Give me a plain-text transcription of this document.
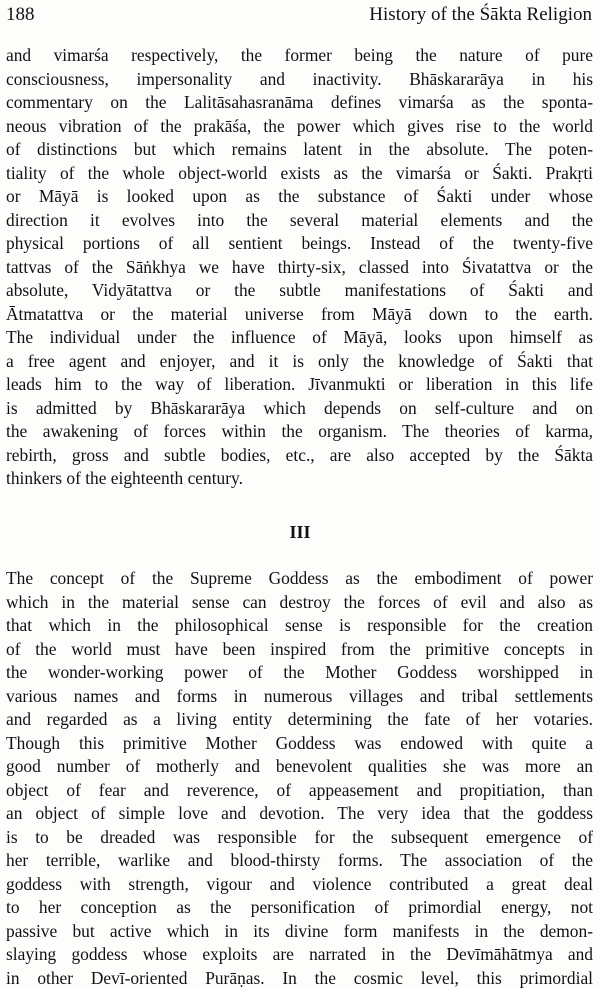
188	History of the Śākta Religion
and vimarśa respectively, the former being the nature of pure
consciousness, impersonality and inactivity. Bhāskararāya in his
commentary on the Lalitāsahasranāma defines vimarśa as the sponta-
neous vibration of the prakāśa, the power which gives rise to the world
of distinctions but which remains latent in the absolute. The poten-
tiality of the whole object-world exists as the vimarśa or Śakti. Prakṛti
or Māyā is looked upon as the substance of Śakti under whose
direction it evolves into the several material elements and the
physical portions of all sentient beings. Instead of the twenty-five
tattvas of the Sāṅkhya we have thirty-six, classed into Śivatattva or the
absolute, Vidyātattva or the subtle manifestations of Śakti and
Ātmatattva or the material universe from Māyā down to the earth.
The individual under the influence of Māyā, looks upon himself as
a free agent and enjoyer, and it is only the knowledge of Śakti that
leads him to the way of liberation. Jīvanmukti or liberation in this life
is admitted by Bhāskararāya which depends on self-culture and on
the awakening of forces within the organism. The theories of karma,
rebirth, gross and subtle bodies, etc., are also accepted by the Śākta
thinkers of the eighteenth century.
III
The concept of the Supreme Goddess as the embodiment of power
which in the material sense can destroy the forces of evil and also as
that which in the philosophical sense is responsible for the creation
of the world must have been inspired from the primitive concepts in
the wonder-working power of the Mother Goddess worshipped in
various names and forms in numerous villages and tribal settlements
and regarded as a living entity determining the fate of her votaries.
Though this primitive Mother Goddess was endowed with quite a
good number of motherly and benevolent qualities she was more an
object of fear and reverence, of appeasement and propitiation, than
an object of simple love and devotion. The very idea that the goddess
is to be dreaded was responsible for the subsequent emergence of
her terrible, warlike and blood-thirsty forms. The association of the
goddess with strength, vigour and violence contributed a great deal
to her conception as the personification of primordial energy, not
passive but active which in its divine form manifests in the demon-
slaying goddess whose exploits are narrated in the Devīmāhātmya and
in other Devī-oriented Purāṇas. In the cosmic level, this primordial
